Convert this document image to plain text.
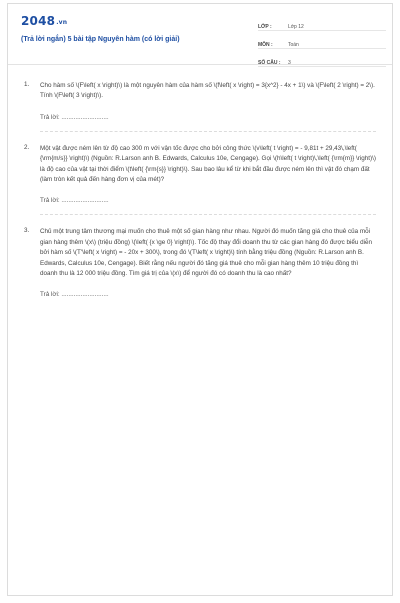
2048.vn
(Trả lời ngắn) 5 bài tập Nguyên hàm (có lời giải)
LỚP :	Lớp 12
MÔN :	Toán
SỐ CÂU :	3
1.	Cho hàm số \(F\left( x \right)\) là một nguyên hàm của hàm số \(f\left( x \right) = 3{x^2} - 4x + 1\) và \(F\left( 2 \right) = 2\). Tính \(F\left( 3 \right)\).

Trả lời: ...........................
2.	Một vật được ném lên từ độ cao 300 m với vận tốc được cho bởi công thức \(v\left( t \right) = - 9,81t + 29,43\,\left( {\rm{m/s}} \right)\) (Nguồn: R.Larson anh B. Edwards, Calculus 10e, Cengage). Gọi \(h\left( t \right)\,\left( {\rm{m}} \right)\) là độ cao của vật tại thời điểm \(t\left( {\rm{s}} \right)\). Sau bao lâu kể từ khi bắt đầu được ném lên thì vật đó chạm đất (làm tròn kết quả đến hàng đơn vị của mét)?

Trả lời: ...........................
3.	Chủ một trung tâm thương mại muốn cho thuê một số gian hàng như nhau. Người đó muốn tăng giá cho thuê của mỗi gian hàng thêm \(x\) (triệu đồng) \(\left( {x \ge 0} \right)\). Tốc độ thay đổi doanh thu từ các gian hàng đó được biểu diễn bởi hàm số \(T'\left( x \right) = - 20x + 300\), trong đó \(T\left( x \right)\) tính bằng triệu đồng (Nguồn: R.Larson anh B. Edwards, Calculus 10e, Cengage). Biết rằng nếu người đó tăng giá thuê cho mỗi gian hàng thêm 10 triệu đồng thì doanh thu là 12 000 triệu đồng. Tìm giá trị của \(x\) để người đó có doanh thu là cao nhất?

Trả lời: ...........................
